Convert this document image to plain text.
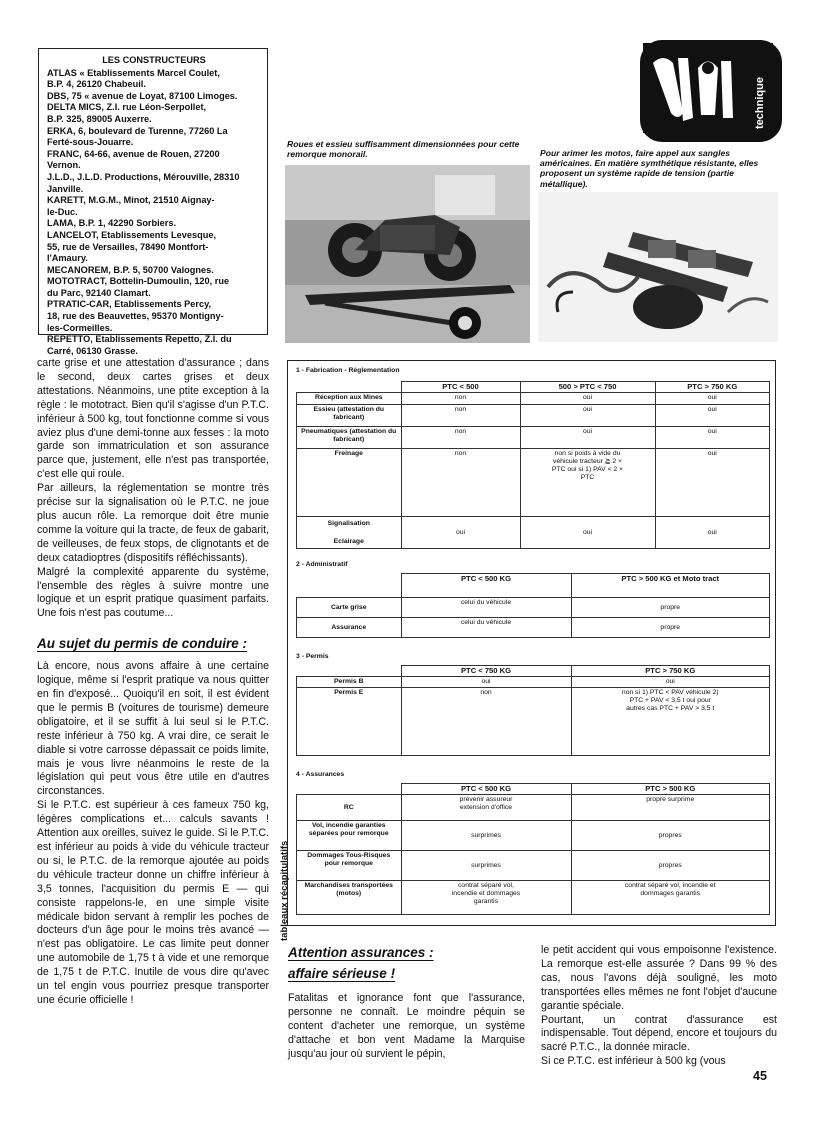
LES CONSTRUCTEURS
ATLAS « Etablissements Marcel Coulet,
B.P. 4, 26120 Chabeuil.
DBS, 75 « avenue de Loyat, 87100 Limoges.
DELTA MICS, Z.I. rue Léon-Serpollet,
B.P. 325, 89005 Auxerre.
ERKA, 6, boulevard de Turenne, 77260 La
Ferté-sous-Jouarre.
FRANC, 64-66, avenue de Rouen, 27200
Vernon.
J.L.D., J.L.D. Productions, Mérouville, 28310
Janville.
KARETT, M.G.M., Minot, 21510 Aignay-
le-Duc.
LAMA, B.P. 1, 42290 Sorbiers.
LANCELOT, Etablissements Levesque,
55, rue de Versailles, 78490 Montfort-
l'Amaury.
MECANOREM, B.P. 5, 50700 Valognes.
MOTOTRACT, Bottelin-Dumoulin, 120, rue
du Parc, 92140 Clamart.
PTRATIC-CAR, Etablissements Percy,
18, rue des Beauvettes, 95370 Montigny-
les-Cormeilles.
REPETTO, Etablissements Repetto, Z.I. du
Carré, 06130 Grasse.
Roues et essieu suffisamment dimensionnées pour cette remorque monorail.	Pour arimer les motos, faire appel aux sangles américaines. En matière symthétique résistante, elles proposent un système rapide de tension (partie métallique).
technique

carte grise et une attestation d'assurance ; dans le second, deux cartes grises et deux attestations. Néanmoins, une ptite exception à la règle : le mototract. Bien qu'il s'agisse d'un P.T.C. inférieur à 500 kg, tout fonctionne comme si vous aviez plus d'une demi-tonne aux fesses : la moto garde son immatriculation et son assurance parce que, justement, elle n'est pas transportée, c'est elle qui roule.

Par ailleurs, la réglementation se montre très précise sur la signalisation où le P.T.C. ne joue plus aucun rôle. La remorque doit être munie comme la voiture qui la tracte, de feux de gabarit, de veilleuses, de feux stops, de clignotants et de deux catadioptres (dispositifs réfléchissants).

Malgré la complexité apparente du système, l'ensemble des règles à suivre montre une logique et un esprit pratique quasiment parfaits. Une fois n'est pas coutume...

Au sujet du permis de conduire :

Là encore, nous avons affaire à une certaine logique, même si l'esprit pratique va nous quitter en fin d'exposé... Quoiqu'il en soit, il est évident que le permis B (voitures de tourisme) demeure obligatoire, et il se suffit à lui seul si le P.T.C. reste inférieur à 750 kg. A vrai dire, ce serait le diable si votre carrosse dépassait ce poids limite, mais je vous livre néanmoins le reste de la législation qui peut vous être utile en d'autres circonstances.

Si le P.T.C. est supérieur à ces fameux 750 kg, légères complications et... calculs savants ! Attention aux oreilles, suivez le guide. Si le P.T.C. est inférieur au poids à vide du véhicule tracteur ou si, le P.T.C. de la remorque ajoutée au poids du véhicule tracteur donne un chiffre inférieur à 3,5 tonnes, l'acquisition du permis E — qui consiste rappelons-le, en une simple visite médicale bidon servant à remplir les poches de docteurs d'un âge pour le moins très avancé — n'est pas obligatoire. Le cas limite peut donner une automobile de 1,75 t à vide et une remorque de 1,75 t de P.T.C. Inutile de vous dire qu'avec un tel engin vous pourriez presque transporter une écurie officielle !

tableaux récapitulatifs
1 - Fabrication - Réglementation
	PTC < 500	500 > PTC < 750	PTC > 750 KG
Réception aux Mines	non	oui	oui
Essieu (attestation du fabricant)	non	oui	oui
Pneumatiques (attestation du fabricant)	non	oui	oui
Freinage	non	non si poids à vide du véhicule tracteur ≧ 2 × PTC oui si 1) PAV < 2 × PTC	oui

Signalisation
Eclairage	oui	oui	oui
2 - Administratif
	PTC < 500 KG	PTC > 500 KG et Moto tract
Carte grise	celui du véhicule	propre
Assurance	celui du véhicule	propre
3 - Permis
	PTC < 750 KG	PTC > 750 KG
Permis B	oui	oui
Permis E	non	non si 1) PTC < PAV véhicule 2) PTC + PAV < 3,5 t oui pour autres cas PTC + PAV > 3,5 t
4 - Assurances
	PTC < 500 KG	PTC > 500 KG
RC	prévenir assureur extension d'office	propre surprime
Vol, incendie garanties séparées pour remorque	surprimes	propres
Dommages Tous-Risques pour remorque	surprimes	propres
Marchandises transportées (motos)	contrat séparé vol, incendie et dommages garantis	contrat séparé vol, incendie et dommages garantis
Attention assurances :
affaire sérieuse !

Fatalitas et ignorance font que l'assurance, personne ne connaît. Le moindre péquin se content d'acheter une remorque, un système d'attache et bon vent Madame la Marquise jusqu'au jour où survient le pépin,

le petit accident qui vous empoisonne l'existence. La remorque est-elle assurée ? Dans 99 % des cas, nous l'avons déjà souligné, les moto transportées elles mêmes ne font l'objet d'aucune garantie spéciale.

Pourtant, un contrat d'assurance est indispensable. Tout dépend, encore et toujours du sacré P.T.C., la donnée miracle.

Si ce P.T.C. est inférieur à 500 kg (vous

45
